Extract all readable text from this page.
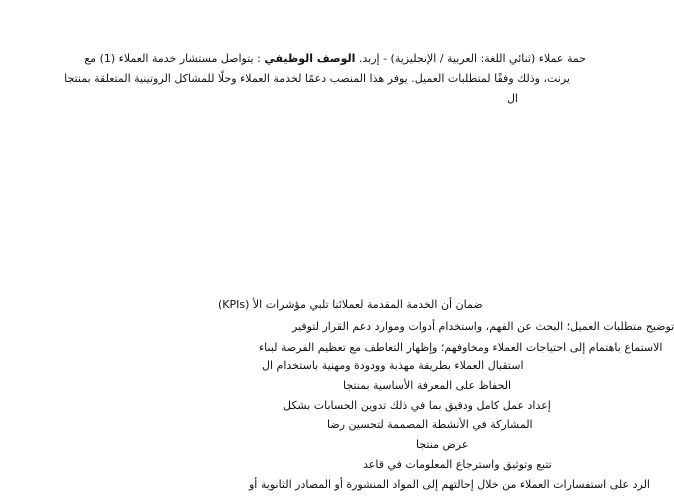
حمة عملاء (ثنائي اللغة: العربية / الإنجليزية) - إربد. الوصف الوظيفي : يتواصل مستشار خدمة العملاء (1) مع
يرنت، وذلك وفقًا لمتطلبات العميل. يوفر هذا المنصب دعمًا لخدمة العملاء وحلًا للمشاكل الروتينية المتعلقة بمنتجا
ال
(KPIs) ضمان أن الخدمة المقدمة لعملائنا تلبي مؤشرات الأ
توضيح متطلبات العميل؛ البحث عن الفهم، واستخدام أدوات وموارد دعم القرار لتوفير
الاستماع باهتمام إلى احتياجات العملاء ومخاوفهم؛ وإظهار التعاطف مع تعظيم الفرصة لبناء
استقبال العملاء بطريقة مهذبة وودودة ومهنية باستخدام ال
الحفاظ على المعرفة الأساسية بمنتجا
إعداد عمل كامل ودقيق بما في ذلك تدوين الحسابات بشكل
المشاركة في الأنشطة المصممة لتحسين رضا
عرض منتجا
تتبع وتوثيق واسترجاع المعلومات في قاعد
الرد على استفسارات العملاء من خلال إحالتهم إلى المواد المنشورة أو المصادر الثانوية أو
